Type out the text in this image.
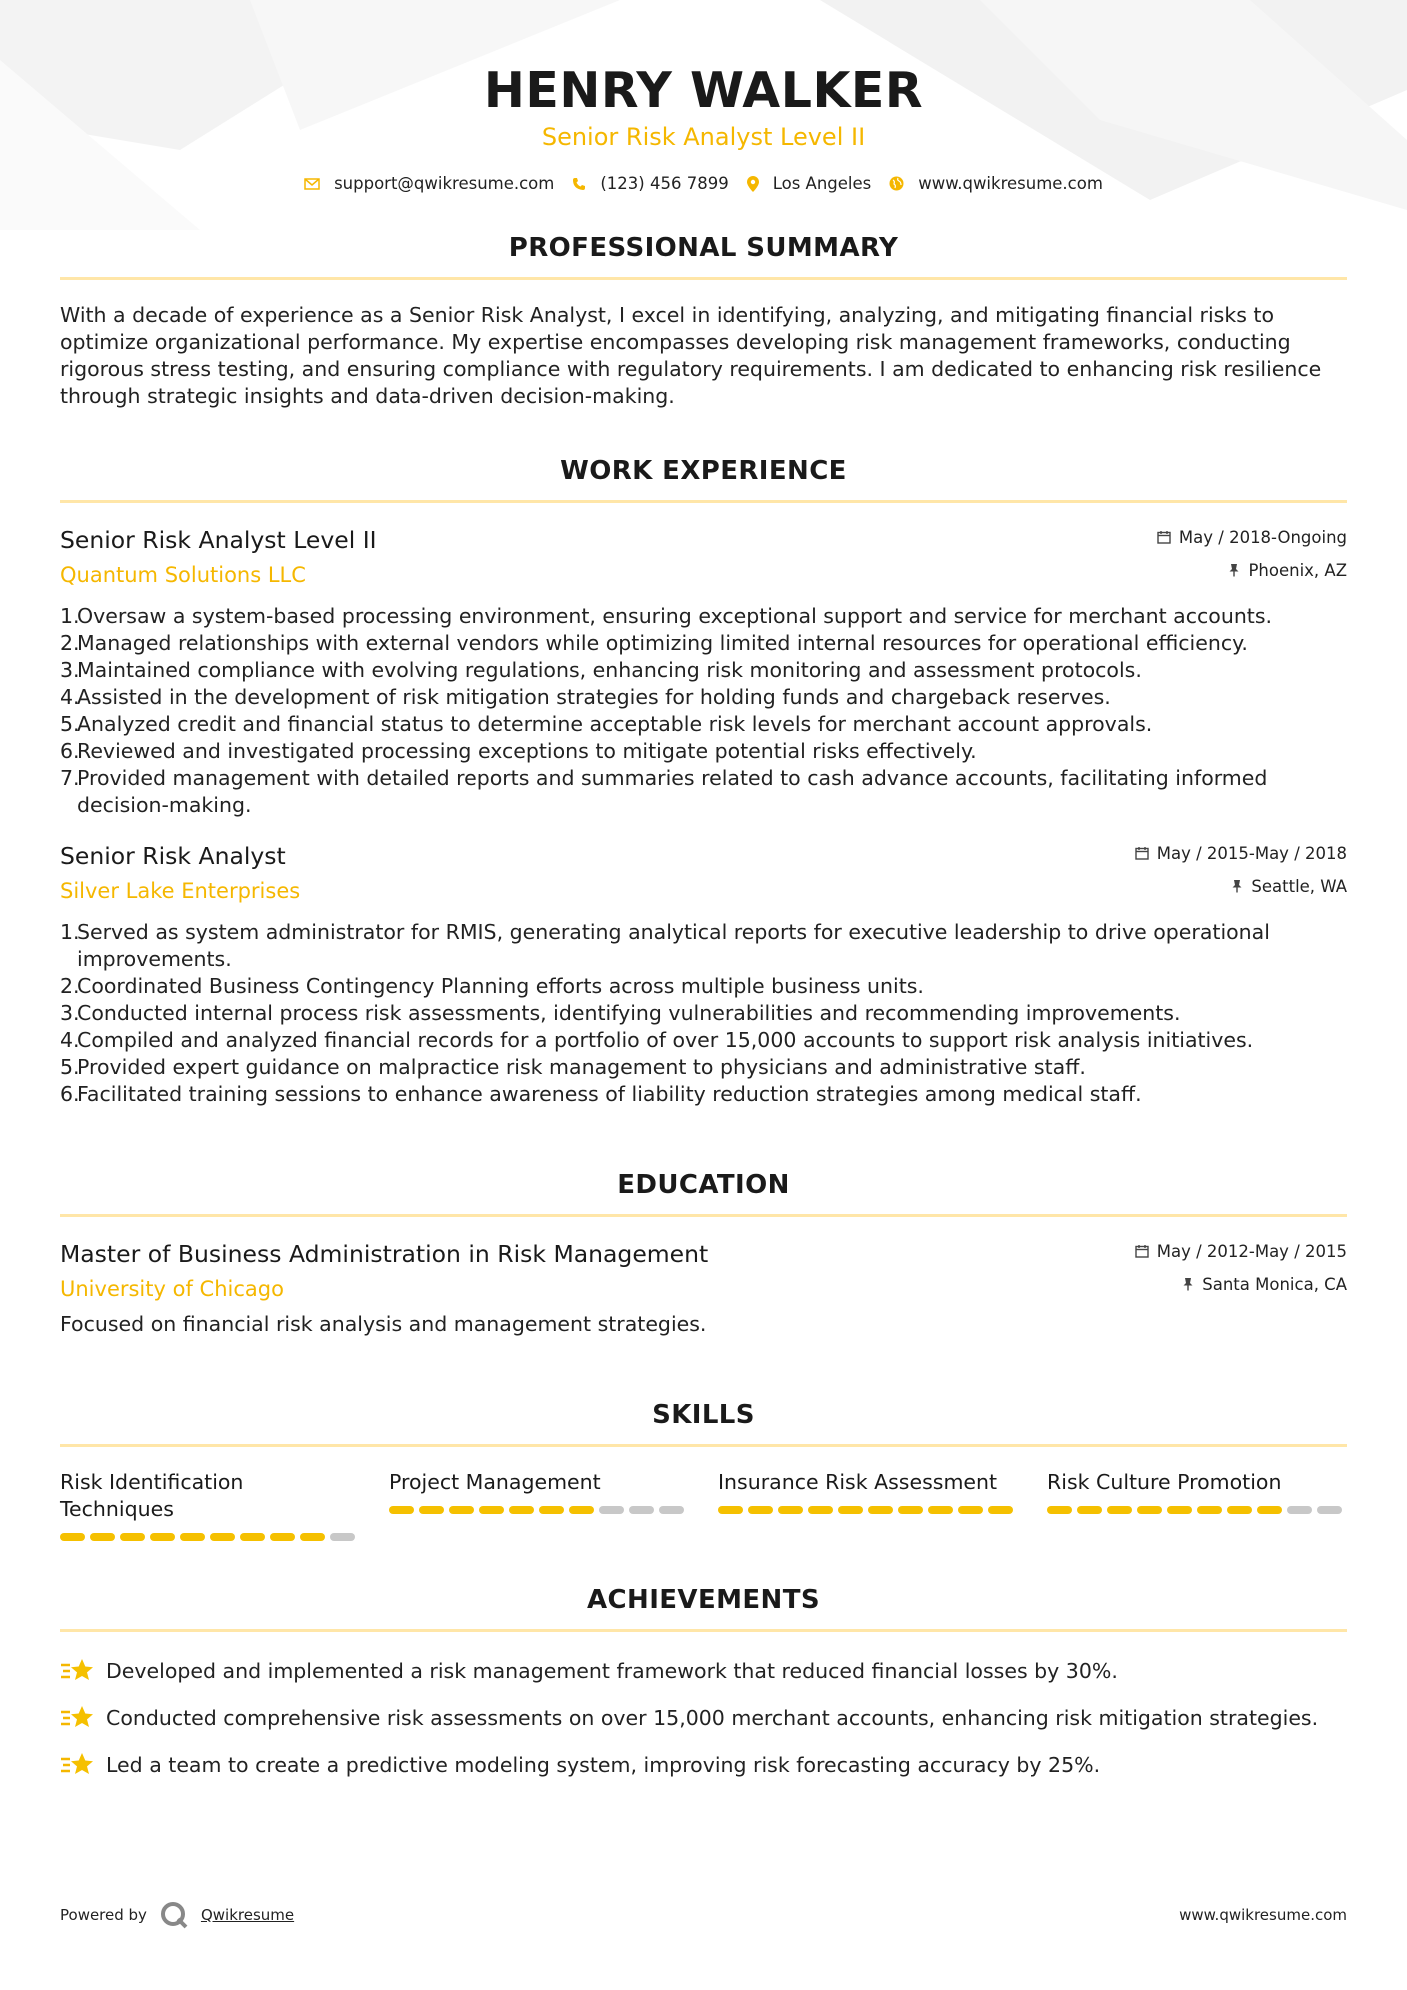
HENRY WALKER
Senior Risk Analyst Level II
support@qwikresume.com	(123) 456 7899	Los Angeles	www.qwikresume.com
PROFESSIONAL SUMMARY

With a decade of experience as a Senior Risk Analyst, I excel in identifying, analyzing, and mitigating financial risks to optimize organizational performance. My expertise encompasses developing risk management frameworks, conducting rigorous stress testing, and ensuring compliance with regulatory requirements. I am dedicated to enhancing risk resilience through strategic insights and data-driven decision-making.

WORK EXPERIENCE
Senior Risk Analyst Level II
Quantum Solutions LLC
May / 2018-Ongoing
Phoenix, AZ
1.
Oversaw a system-based processing environment, ensuring exceptional support and service for merchant accounts.
2.
Managed relationships with external vendors while optimizing limited internal resources for operational efficiency.
3.
Maintained compliance with evolving regulations, enhancing risk monitoring and assessment protocols.
4.
Assisted in the development of risk mitigation strategies for holding funds and chargeback reserves.
5.
Analyzed credit and financial status to determine acceptable risk levels for merchant account approvals.
6.
Reviewed and investigated processing exceptions to mitigate potential risks effectively.
7.
Provided management with detailed reports and summaries related to cash advance accounts, facilitating informed decision-making.
Senior Risk Analyst
Silver Lake Enterprises
May / 2015-May / 2018
Seattle, WA
1.
Served as system administrator for RMIS, generating analytical reports for executive leadership to drive operational improvements.
2.
Coordinated Business Contingency Planning efforts across multiple business units.
3.
Conducted internal process risk assessments, identifying vulnerabilities and recommending improvements.
4.
Compiled and analyzed financial records for a portfolio of over 15,000 accounts to support risk analysis initiatives.
5.
Provided expert guidance on malpractice risk management to physicians and administrative staff.
6.
Facilitated training sessions to enhance awareness of liability reduction strategies among medical staff.
EDUCATION
Master of Business Administration in Risk Management
University of Chicago
May / 2012-May / 2015
Santa Monica, CA

Focused on financial risk analysis and management strategies.

SKILLS
Risk Identification Techniques
Project Management	Insurance Risk Assessment	Risk Culture Promotion
ACHIEVEMENTS
Developed and implemented a risk management framework that reduced financial losses by 30%.
Conducted comprehensive risk assessments on over 15,000 merchant accounts, enhancing risk mitigation strategies.
Led a team to create a predictive modeling system, improving risk forecasting accuracy by 25%.
Powered by	Qwikresume	www.qwikresume.com
